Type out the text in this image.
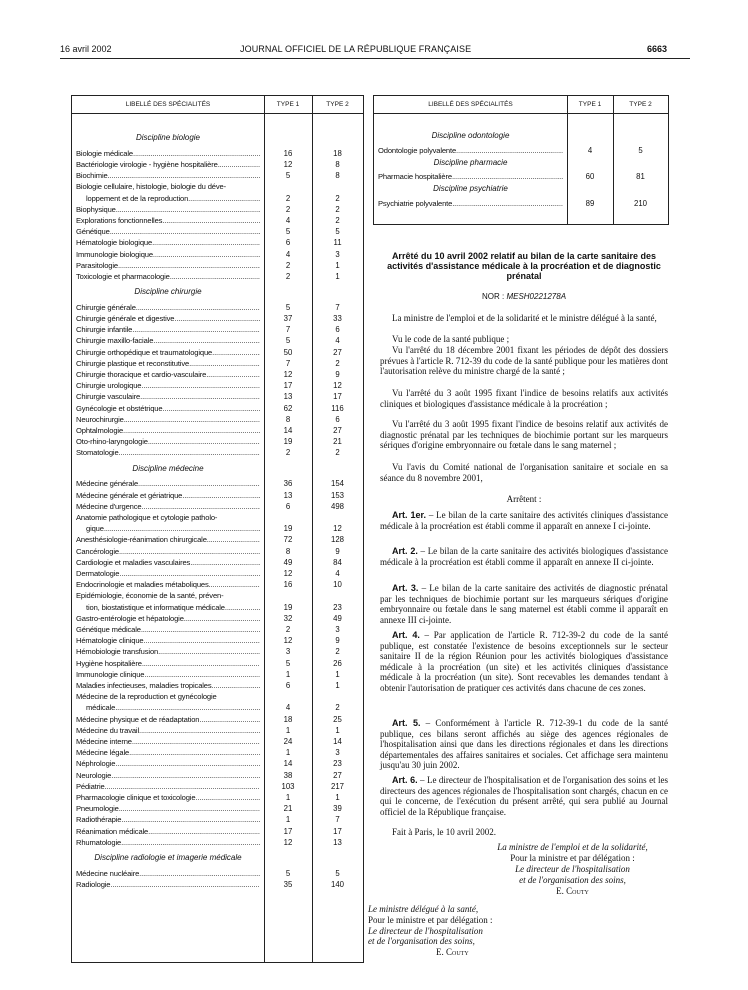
16 avril 2002	JOURNAL OFFICIEL DE LA RÉPUBLIQUE FRANÇAISE	6663
LIBELLÉ DES SPÉCIALITÉS	TYPE 1	TYPE 2
Discipline biologie
Biologie médicale .....	16	18
Bactériologie virologie - hygiène hospitalière .....	12	8
Biochimie .....	5	8
Biologie cellulaire, histologie, biologie du déve-
loppement et de la reproduction .....	2	2
Biophysique .....	2	2
Explorations fonctionnelles .....	4	2
Génétique .....	5	5
Hématologie biologique .....	6	11
Immunologie biologique .....	4	3
Parasitologie .....	2	1
Toxicologie et pharmacologie .....	2	1
Discipline chirurgie
Chirurgie générale .....	5	7
Chirurgie générale et digestive .....	37	33
Chirurgie infantile .....	7	6
Chirurgie maxillo-faciale .....	5	4
Chirurgie orthopédique et traumatologique .....	50	27
Chirurgie plastique et reconstitutive .....	7	2
Chirurgie thoracique et cardio-vasculaire .....	12	9
Chirurgie urologique .....	17	12
Chirurgie vasculaire .....	13	17
Gynécologie et obstétrique .....	62	116
Neurochirurgie .....	8	6
Ophtalmologie .....	14	27
Oto-rhino-laryngologie .....	19	21
Stomatologie .....	2	2
Discipline médecine
Médecine générale .....	36	154
Médecine générale et gériatrique .....	13	153
Médecine d'urgence .....	6	498
Anatomie pathologique et cytologie patholo-
gique .....	19	12
Anesthésiologie-réanimation chirurgicale .....	72	128
Cancérologie .....	8	9
Cardiologie et maladies vasculaires .....	49	84
Dermatologie .....	12	4
Endocrinologie et maladies métaboliques .....	16	10
Epidémiologie, économie de la santé, préven-
tion, biostatistique et informatique médicale .....	19	23
Gastro-entérologie et hépatologie .....	32	49
Génétique médicale .....	2	3
Hématologie clinique .....	12	9
Hémobiologie transfusion .....	3	2
Hygiène hospitalière .....	5	26
Immunologie clinique .....	1	1
Maladies infectieuses, maladies tropicales .....	6	1
Médecine de la reproduction et gynécologie
médicale .....	4	2
Médecine physique et de réadaptation .....	18	25
Médecine du travail .....	1	1
Médecine interne .....	24	14
Médecine légale .....	1	3
Néphrologie .....	14	23
Neurologie .....	38	27
Pédiatrie .....	103	217
Pharmacologie clinique et toxicologie .....	1	1
Pneumologie .....	21	39
Radiothérapie .....	1	7
Réanimation médicale .....	17	17
Rhumatologie .....	12	13
Discipline radiologie et imagerie médicale
Médecine nucléaire .....	5	5
Radiologie .....	35	140
LIBELLÉ DES SPÉCIALITÉS	TYPE 1	TYPE 2
Discipline odontologie
Odontologie polyvalente .....	4	5
Discipline pharmacie
Pharmacie hospitalière .....	60	81
Discipline psychiatrie
Psychiatrie polyvalente .....	89	210
Arrêté du 10 avril 2002 relatif au bilan de la carte sanitaire des activités d'assistance médicale à la procréation et de diagnostic prénatal
NOR : MESH0221278A
La ministre de l'emploi et de la solidarité et le ministre délégué à la santé,
Vu le code de la santé publique ;
Vu l'arrêté du 18 décembre 2001 fixant les périodes de dépôt des dossiers prévues à l'article R. 712-39 du code de la santé publique pour les matières dont l'autorisation relève du ministre chargé de la santé ;
Vu l'arrêté du 3 août 1995 fixant l'indice de besoins relatifs aux activités cliniques et biologiques d'assistance médicale à la procréation ;
Vu l'arrêté du 3 août 1995 fixant l'indice de besoins relatif aux activités de diagnostic prénatal par les techniques de biochimie portant sur les marqueurs sériques d'origine embryonnaire ou fœtale dans le sang maternel ;
Vu l'avis du Comité national de l'organisation sanitaire et sociale en sa séance du 8 novembre 2001,
Arrêtent :
Art. 1er. – Le bilan de la carte sanitaire des activités cliniques d'assistance médicale à la procréation est établi comme il apparaît en annexe I ci-jointe.
Art. 2. – Le bilan de la carte sanitaire des activités biologiques d'assistance médicale à la procréation est établi comme il apparaît en annexe II ci-jointe.
Art. 3. – Le bilan de la carte sanitaire des activités de diagnostic prénatal par les techniques de biochimie portant sur les marqueurs sériques d'origine embryonnaire ou fœtale dans le sang maternel est établi comme il apparaît en annexe III ci-jointe.
Art. 4. – Par application de l'article R. 712-39-2 du code de la santé publique, est constatée l'existence de besoins exceptionnels sur le secteur sanitaire II de la région Réunion pour les activités biologiques d'assistance médicale à la procréation (un site) et les activités cliniques d'assistance médicale à la procréation (un site). Sont recevables les demandes tendant à obtenir l'autorisation de pratiquer ces activités dans chacune de ces zones.
Art. 5. – Conformément à l'article R. 712-39-1 du code de la santé publique, ces bilans seront affichés au siège des agences régionales de l'hospitalisation ainsi que dans les directions régionales et dans les directions départementales des affaires sanitaires et sociales. Cet affichage sera maintenu jusqu'au 30 juin 2002.
Art. 6. – Le directeur de l'hospitalisation et de l'organisation des soins et les directeurs des agences régionales de l'hospitalisation sont chargés, chacun en ce qui le concerne, de l'exécution du présent arrêté, qui sera publié au Journal officiel de la République française.
Fait à Paris, le 10 avril 2002.
La ministre de l'emploi et de la solidarité,
Pour la ministre et par délégation :
Le directeur de l'hospitalisation
et de l'organisation des soins,
E. Couty
Le ministre délégué à la santé,
Pour le ministre et par délégation :
Le directeur de l'hospitalisation
et de l'organisation des soins,
E. Couty
